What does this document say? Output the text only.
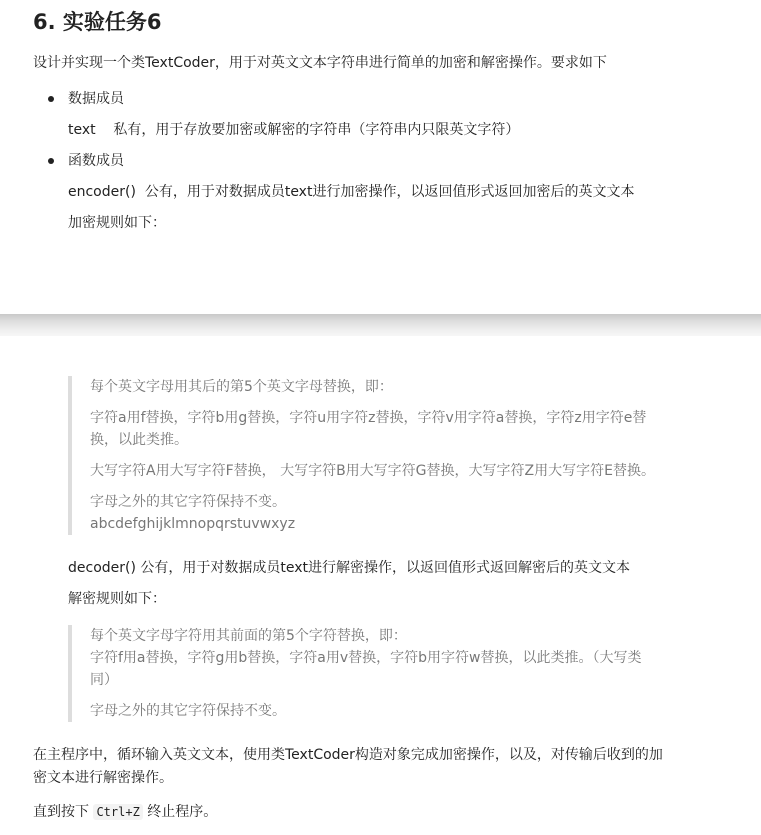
6. 实验任务6

设计并实现一个类TextCoder，用于对英文文本字符串进行简单的加密和解密操作。要求如下

数据成员
text    私有，用于存放要加密或解密的字符串（字符串内只限英文字符）
函数成员
encoder()  公有，用于对数据成员text进行加密操作，以返回值形式返回加密后的英文文本
加密规则如下：

每个英文字母用其后的第5个英文字母替换，即：

字符a用f替换，字符b用g替换，字符u用字符z替换，字符v用字符a替换，字符z用字符e替

换，以此类推。

大写字符A用大写字符F替换， 大写字符B用大写字符G替换，大写字符Z用大写字符E替换。

字母之外的其它字符保持不变。

abcdefghijklmnopqrstuvwxyz

decoder() 公有，用于对数据成员text进行解密操作，以返回值形式返回解密后的英文文本

解密规则如下：

每个英文字母字符用其前面的第5个字符替换，即：

字符f用a替换，字符g用b替换，字符a用v替换，字符b用字符w替换，以此类推。（大写类

同）

字母之外的其它字符保持不变。

在主程序中，循环输入英文文本，使用类TextCoder构造对象完成加密操作，以及，对传输后收到的加

密文本进行解密操作。

直到按下 Ctrl+Z 终止程序。
